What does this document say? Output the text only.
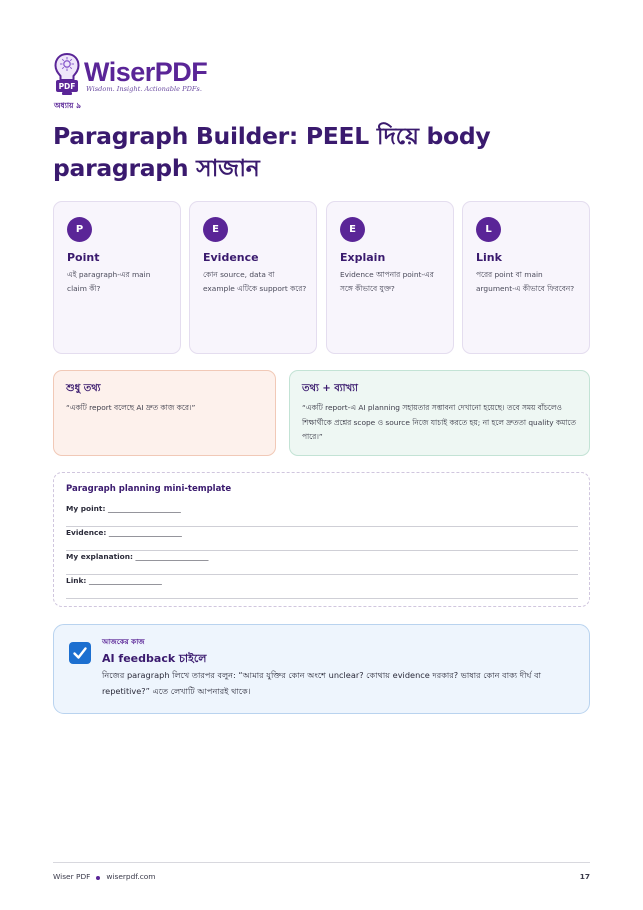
PDF WiserPDF
Wisdom. Insight. Actionable PDFs.
অধ্যায় ৯
Paragraph Builder: PEEL দিয়ে body paragraph সাজান
P
Point
এই paragraph-এর main claim কী?
E
Evidence
কোন source, data বা example এটিকে support করে?
E
Explain
Evidence আপনার point-এর সঙ্গে কীভাবে যুক্ত?
L
Link
পরের point বা main argument-এ কীভাবে ফিরবেন?
শুধু তথ্য
“একটি report বলেছে AI দ্রুত কাজ করে।”
তথ্য + ব্যাখ্যা
“একটি report-এ AI planning সহায়তার সম্ভাবনা দেখানো হয়েছে। তবে সময় বাঁচলেও শিক্ষার্থীকে প্রশ্নের scope ও source নিজে যাচাই করতে হয়; না হলে দ্রুততা quality কমাতে পারে।”
Paragraph planning mini-template
My point: ______________________
Evidence: ______________________
My explanation: ______________________
Link: ______________________
আজকের কাজ
AI feedback চাইলে
নিজের paragraph লিখে তারপর বলুন: “আমার যুক্তির কোন অংশে unclear? কোথায় evidence দরকার? ভাষার কোন বাক্য দীর্ঘ বা repetitive?” এতে লেখাটি আপনারই থাকে।
Wiser PDF wiserpdf.com	17
